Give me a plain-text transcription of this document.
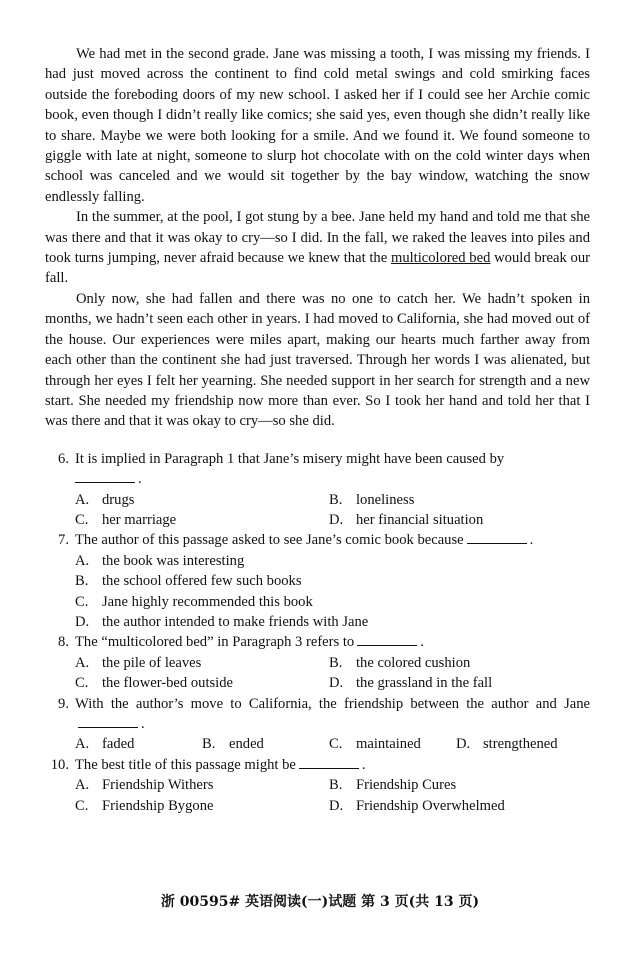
We had met in the second grade. Jane was missing a tooth, I was missing my friends. I had just moved across the continent to find cold metal swings and cold smirking faces outside the foreboding doors of my new school. I asked her if I could see her Archie comic book, even though I didn’t really like comics; she said yes, even though she didn’t really like to share. Maybe we were both looking for a smile. And we found it. We found someone to giggle with late at night, someone to slurp hot chocolate with on the cold winter days when school was canceled and we would sit together by the bay window, watching the snow endlessly falling.

In the summer, at the pool, I got stung by a bee. Jane held my hand and told me that she was there and that it was okay to cry—so I did. In the fall, we raked the leaves into piles and took turns jumping, never afraid because we knew that the multicolored bed would break our fall.

Only now, she had fallen and there was no one to catch her. We hadn’t spoken in months, we hadn’t seen each other in years. I had moved to California, she had moved out of the house. Our experiences were miles apart, making our hearts much farther away from each other than the continent she had just traversed. Through her words I was alienated, but through her eyes I felt her yearning. She needed support in her search for strength and a new start. She needed my friendship now more than ever. So I took her hand and told her that I was there and that it was okay to cry—so she did.

6. It is implied in Paragraph 1 that Jane’s misery might have been caused by
.
A. drugs	B. loneliness
C. her marriage	D. her financial situation
7. The author of this passage asked to see Jane’s comic book because	.
A. the book was interesting
B. the school offered few such books
C. Jane highly recommended this book
D. the author intended to make friends with Jane
8. The “multicolored bed” in Paragraph 3 refers to	.
A. the pile of leaves	B. the colored cushion
C. the flower-bed outside	D. the grassland in the fall
9. With the author’s move to California, the friendship between the author and Jane.
A. faded	B. ended	C. maintained	D. strengthened
10. The best title of this passage might be	.
A. Friendship Withers	B. Friendship Cures
C. Friendship Bygone	D. Friendship Overwhelmed
浙 00595# 英语阅读(一)试题 第 3 页(共 13 页)
